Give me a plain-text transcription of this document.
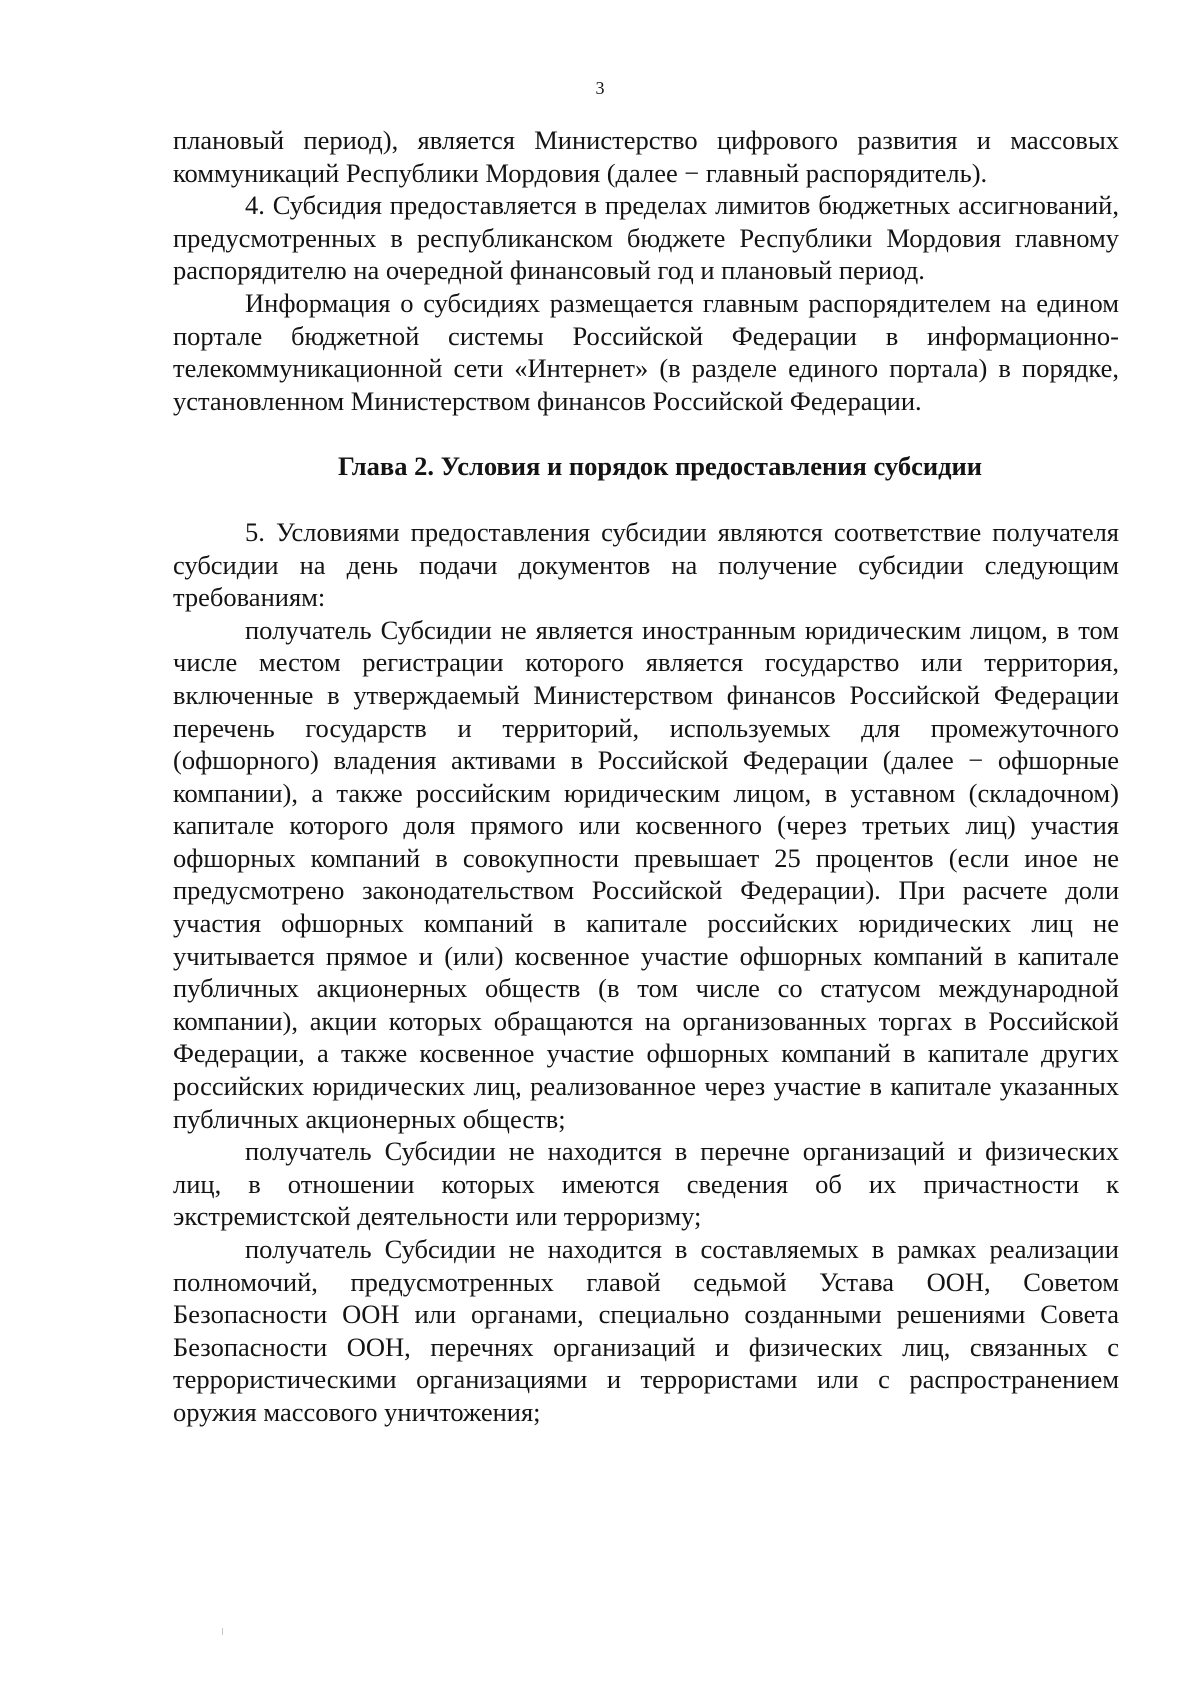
3

плановый период), является Министерство цифрового развития и массовых коммуникаций Республики Мордовия (далее − главный распорядитель).

4. Субсидия предоставляется в пределах лимитов бюджетных ассигнований, предусмотренных в республиканском бюджете Республики Мордовия главному распорядителю на очередной финансовый год и плановый период.

Информация о субсидиях размещается главным распорядителем на едином портале бюджетной системы Российской Федерации в информационно-телекоммуникационной сети «Интернет» (в разделе единого портала) в порядке, установленном Министерством финансов Российской Федерации.

Глава 2. Условия и порядок предоставления субсидии

5. Условиями предоставления субсидии являются соответствие получателя субсидии на день подачи документов на получение субсидии следующим требованиям:

получатель Субсидии не является иностранным юридическим лицом, в том числе местом регистрации которого является государство или территория, включенные в утверждаемый Министерством финансов Российской Федерации перечень государств и территорий, используемых для промежуточного (офшорного) владения активами в Российской Федерации (далее − офшорные компании), а также российским юридическим лицом, в уставном (складочном) капитале которого доля прямого или косвенного (через третьих лиц) участия офшорных компаний в совокупности превышает 25 процентов (если иное не предусмотрено законодательством Российской Федерации). При расчете доли участия офшорных компаний в капитале российских юридических лиц не учитывается прямое и (или) косвенное участие офшорных компаний в капитале публичных акционерных обществ (в том числе со статусом международной компании), акции которых обращаются на организованных торгах в Российской Федерации, а также косвенное участие офшорных компаний в капитале других российских юридических лиц, реализованное через участие в капитале указанных публичных акционерных обществ;

получатель Субсидии не находится в перечне организаций и физических лиц, в отношении которых имеются сведения об их причастности к экстремистской деятельности или терроризму;

получатель Субсидии не находится в составляемых в рамках реализации полномочий, предусмотренных главой седьмой Устава ООН, Советом Безопасности ООН или органами, специально созданными решениями Совета Безопасности ООН, перечнях организаций и физических лиц, связанных с террористическими организациями и террористами или с распространением оружия массового уничтожения;
